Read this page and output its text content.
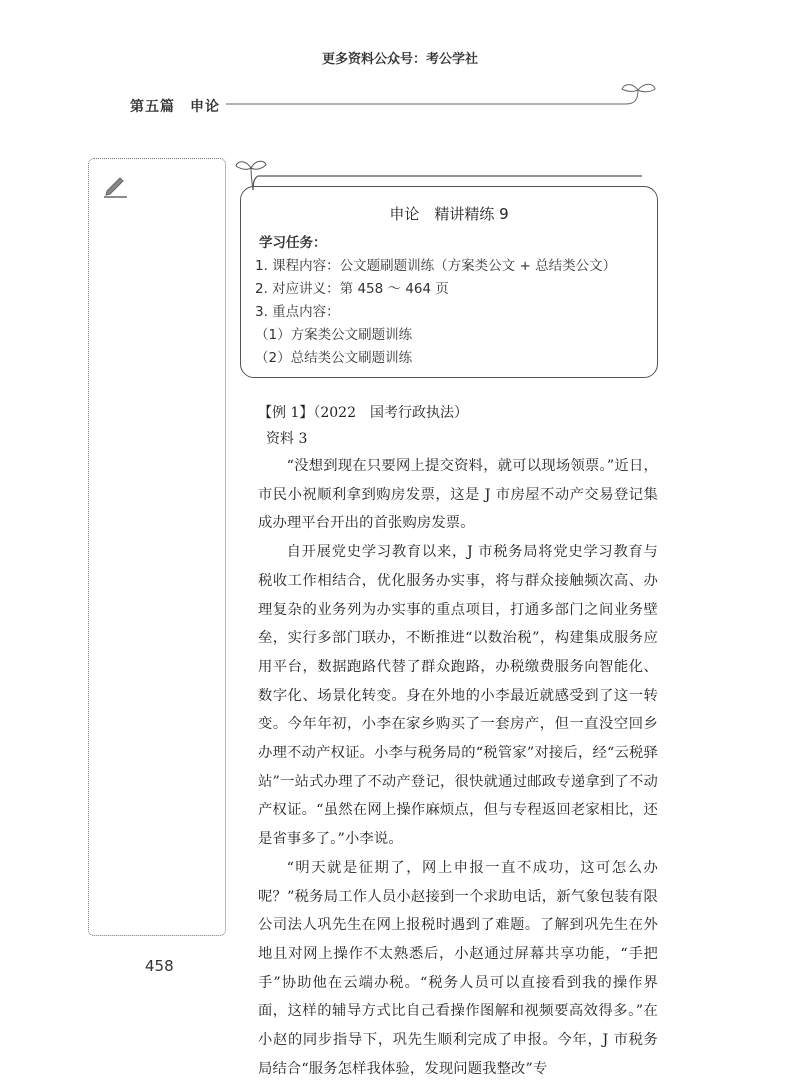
更多资料公众号：考公学社
第五篇　申论
申论　精讲精练 9
学习任务：
1. 课程内容：公文题刷题训练（方案类公文 + 总结类公文）
2. 对应讲义：第 458 ～ 464 页
3. 重点内容：
（1）方案类公文刷题训练
（2）总结类公文刷题训练
【例 1】（2022　国考行政执法）
资料 3

“没想到现在只要网上提交资料，就可以现场领票。”近日，市民小祝顺利拿到购房发票，这是 J 市房屋不动产交易登记集成办理平台开出的首张购房发票。

自开展党史学习教育以来，J 市税务局将党史学习教育与税收工作相结合，优化服务办实事，将与群众接触频次高、办理复杂的业务列为办实事的重点项目，打通多部门之间业务壁垒，实行多部门联办，不断推进“以数治税”，构建集成服务应用平台，数据跑路代替了群众跑路，办税缴费服务向智能化、数字化、场景化转变。身在外地的小李最近就感受到了这一转变。今年年初，小李在家乡购买了一套房产，但一直没空回乡办理不动产权证。小李与税务局的“税管家”对接后，经“云税驿站”一站式办理了不动产登记，很快就通过邮政专递拿到了不动产权证。“虽然在网上操作麻烦点，但与专程返回老家相比，还是省事多了。”小李说。

“明天就是征期了，网上申报一直不成功，这可怎么办呢？”税务局工作人员小赵接到一个求助电话，新气象包装有限公司法人巩先生在网上报税时遇到了难题。了解到巩先生在外地且对网上操作不太熟悉后，小赵通过屏幕共享功能，“手把手”协助他在云端办税。“税务人员可以直接看到我的操作界面，这样的辅导方式比自己看操作图解和视频要高效得多。”在小赵的同步指导下，巩先生顺利完成了申报。今年，J 市税务局结合“服务怎样我体验，发现问题我整改”专

458
